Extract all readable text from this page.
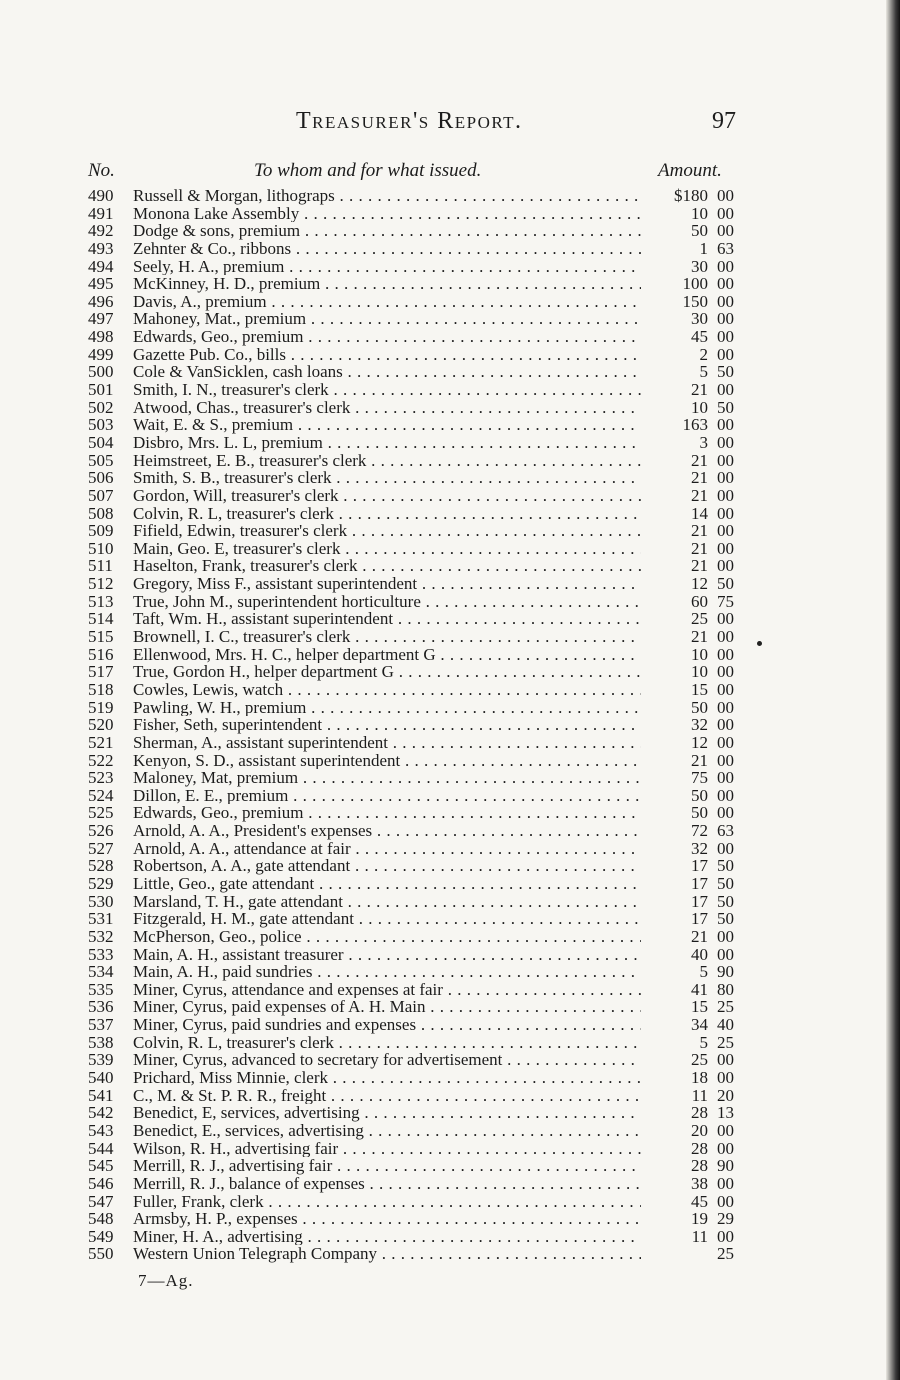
Treasurer's Report.	97
No.	To whom and for what issued.	Amount.
490	Russell & Morgan, lithograps . . .	$180 00
491	Monona Lake Assembly . . .	10 00
492	Dodge & sons, premium . . .	50 00
493	Zehnter & Co., ribbons . . .	1 63
494	Seely, H. A., premium . . .	30 00
495	McKinney, H. D., premium . . .	100 00
496	Davis, A., premium . . .	150 00
497	Mahoney, Mat., premium . . .	30 00
498	Edwards, Geo., premium . . .	45 00
499	Gazette Pub. Co., bills . . .	2 00
500	Cole & VanSicklen, cash loans . . .	5 50
501	Smith, I. N., treasurer's clerk . . .	21 00
502	Atwood, Chas., treasurer's clerk . . .	10 50
503	Wait, E. & S., premium . . .	163 00
504	Disbro, Mrs. L. L, premium . . .	3 00
505	Heimstreet, E. B., treasurer's clerk . . .	21 00
506	Smith, S. B., treasurer's clerk . . .	21 00
507	Gordon, Will, treasurer's clerk . . .	21 00
508	Colvin, R. L, treasurer's clerk . . .	14 00
509	Fifield, Edwin, treasurer's clerk . . .	21 00
510	Main, Geo. E, treasurer's clerk . . .	21 00
511	Haselton, Frank, treasurer's clerk . . .	21 00
512	Gregory, Miss F., assistant superintendent . . .	12 50
513	True, John M., superintendent horticulture . . .	60 75
514	Taft, Wm. H., assistant superintendent . . .	25 00
515	Brownell, I. C., treasurer's clerk . . .	21 00
516	Ellenwood, Mrs. H. C., helper department G . . .	10 00
517	True, Gordon H., helper department G . . .	10 00
518	Cowles, Lewis, watch . . .	15 00
519	Pawling, W. H., premium . . .	50 00
520	Fisher, Seth, superintendent . . .	32 00
521	Sherman, A., assistant superintendent . . .	12 00
522	Kenyon, S. D., assistant superintendent . . .	21 00
523	Maloney, Mat, premium . . .	75 00
524	Dillon, E. E., premium . . .	50 00
525	Edwards, Geo., premium . . .	50 00
526	Arnold, A. A., President's expenses . . .	72 63
527	Arnold, A. A., attendance at fair . . .	32 00
528	Robertson, A. A., gate attendant . . .	17 50
529	Little, Geo., gate attendant . . .	17 50
530	Marsland, T. H., gate attendant . . .	17 50
531	Fitzgerald, H. M., gate attendant . . .	17 50
532	McPherson, Geo., police . . .	21 00
533	Main, A. H., assistant treasurer . . .	40 00
534	Main, A. H., paid sundries . . .	5 90
535	Miner, Cyrus, attendance and expenses at fair . . .	41 80
536	Miner, Cyrus, paid expenses of A. H. Main . . .	15 25
537	Miner, Cyrus, paid sundries and expenses . . .	34 40
538	Colvin, R. L, treasurer's clerk . . .	5 25
539	Miner, Cyrus, advanced to secretary for advertisement . . .	25 00
540	Prichard, Miss Minnie, clerk . . .	18 00
541	C., M. & St. P. R. R., freight . . .	11 20
542	Benedict, E, services, advertising . . .	28 13
543	Benedict, E., services, advertising . . .	20 00
544	Wilson, R. H., advertising fair . . .	28 00
545	Merrill, R. J., advertising fair . . .	28 90
546	Merrill, R. J., balance of expenses . . .	38 00
547	Fuller, Frank, clerk . . .	45 00
548	Armsby, H. P., expenses . . .	19 29
549	Miner, H. A., advertising . . .	11 00
550	Western Union Telegraph Company . . .	25
7—Ag.
